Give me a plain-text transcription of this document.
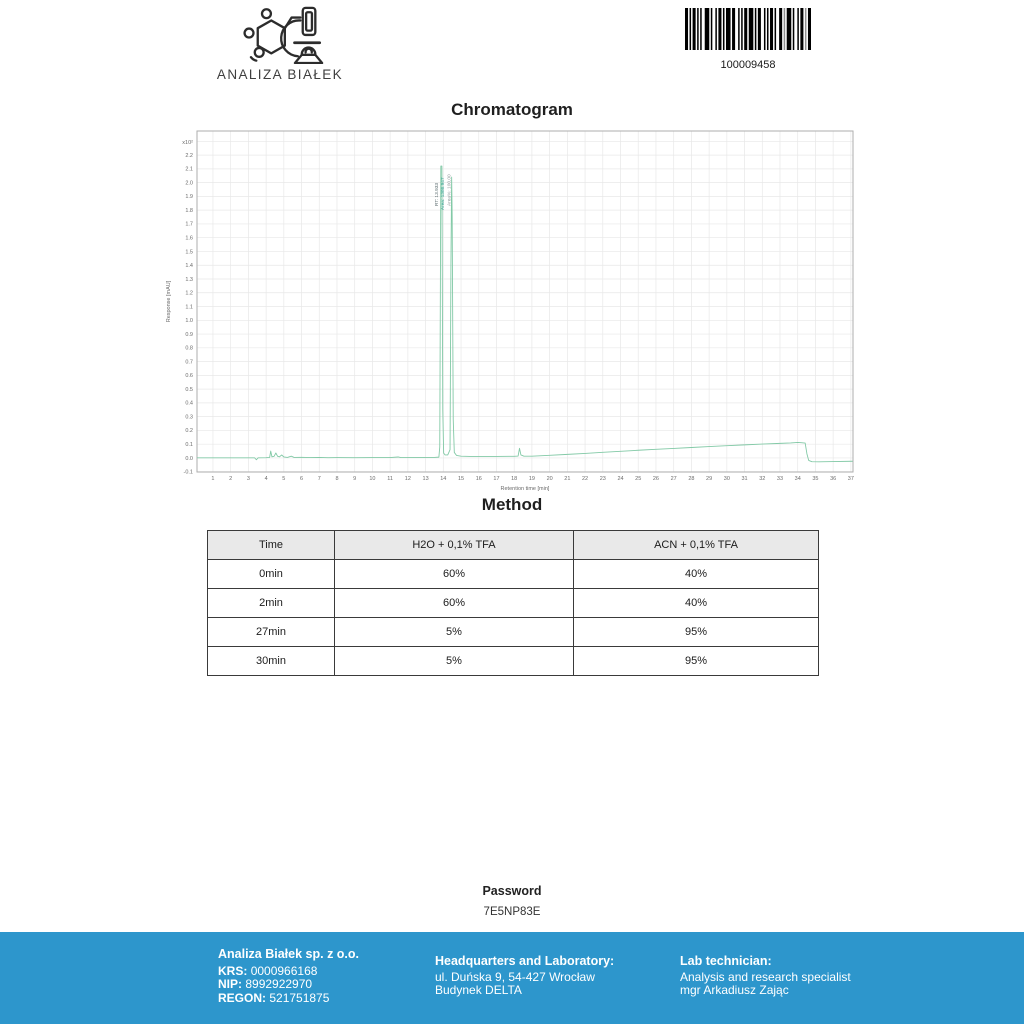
ANALIZA BIAŁEK
100009458
Chromatogram
1	2	3	4	5	6	7	8	9 10 11 12 13 14 15 16 17 18 19 20 21 22 23 24 25 26 27 28 29 30 31 32 33 34 35 36 37
-0.1
0.0
0.1
0.2
0.3
0.4
0.5
0.6
0.7
0.8
0.9
1.0
1.1
1.2
1.3
1.4
1.5
1.6
1.7
1.8
1.9
2.0
2.1
2.2
x10²
Retention time [min]
Response [mAU]
RT: 13.933 Area: 1386.947 Area%: 100,00
Method
Time	H2O + 0,1% TFA	ACN + 0,1% TFA
0min	60%	40%
2min	60%	40%
27min	5%	95%
30min	5%	95%
Password
7E5NP83E
Analiza Białek sp. z o.o.
KRS: 0000966168
NIP: 8992922970
REGON: 521751875
Headquarters and Laboratory:
ul. Duńska 9, 54-427 Wrocław
Budynek DELTA
Lab technician:
Analysis and research specialist
mgr Arkadiusz Zając
